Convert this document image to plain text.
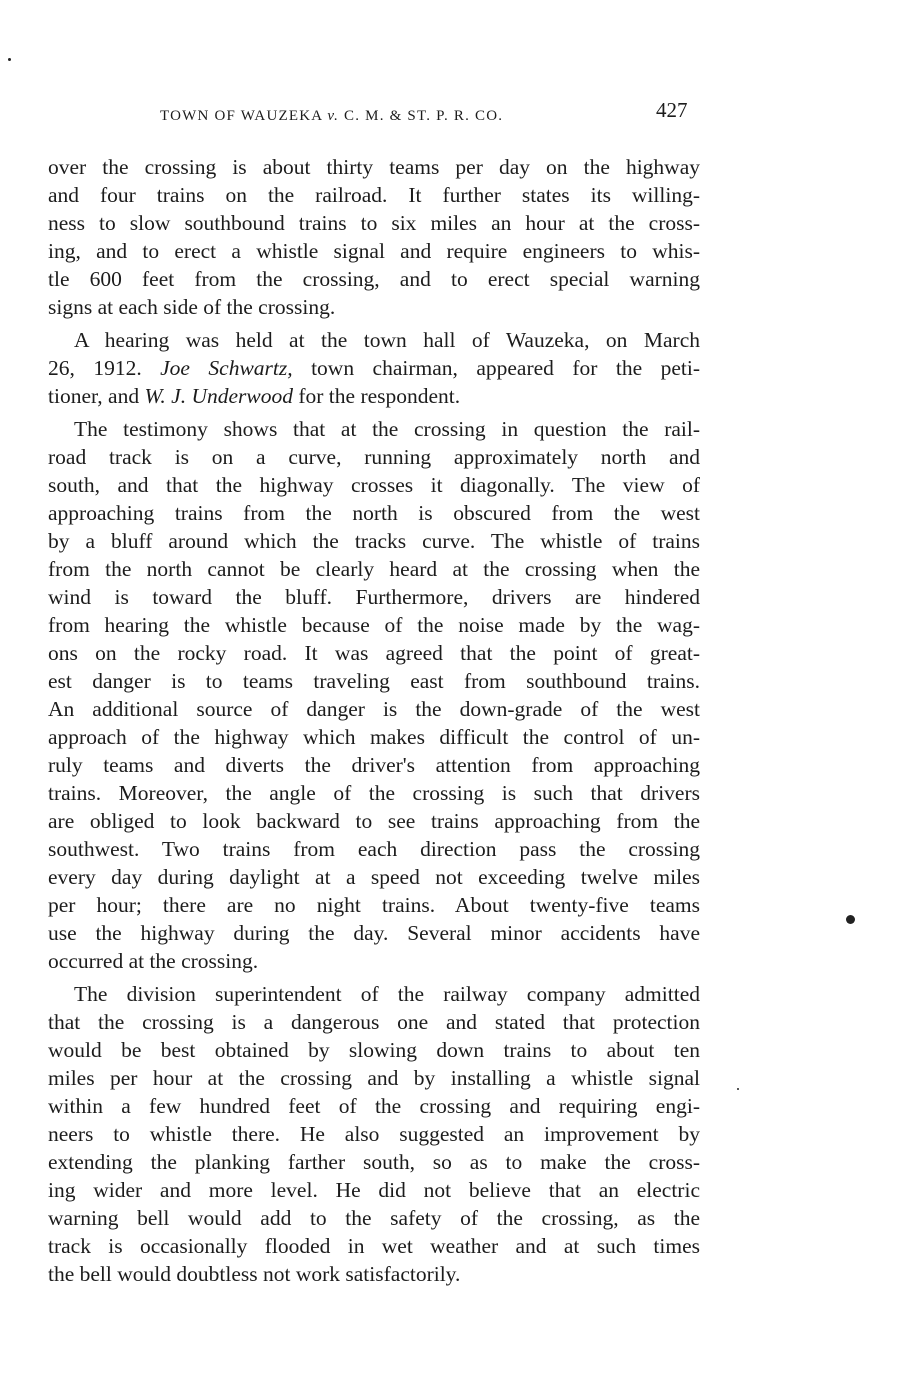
TOWN OF WAUZEKA v. C. M. & ST. P. R. CO.	427
over the crossing is about thirty teams per day on the highway
and four trains on the railroad. It further states its willing-
ness to slow southbound trains to six miles an hour at the cross-
ing, and to erect a whistle signal and require engineers to whis-
tle 600 feet from the crossing, and to erect special warning
signs at each side of the crossing.
A hearing was held at the town hall of Wauzeka, on March
26, 1912. Joe Schwartz, town chairman, appeared for the peti-
tioner, and W. J. Underwood for the respondent.
The testimony shows that at the crossing in question the rail-
road track is on a curve, running approximately north and
south, and that the highway crosses it diagonally. The view of
approaching trains from the north is obscured from the west
by a bluff around which the tracks curve. The whistle of trains
from the north cannot be clearly heard at the crossing when the
wind is toward the bluff. Furthermore, drivers are hindered
from hearing the whistle because of the noise made by the wag-
ons on the rocky road. It was agreed that the point of great-
est danger is to teams traveling east from southbound trains.
An additional source of danger is the down-grade of the west
approach of the highway which makes difficult the control of un-
ruly teams and diverts the driver's attention from approaching
trains. Moreover, the angle of the crossing is such that drivers
are obliged to look backward to see trains approaching from the
southwest. Two trains from each direction pass the crossing
every day during daylight at a speed not exceeding twelve miles
per hour; there are no night trains. About twenty-five teams
use the highway during the day. Several minor accidents have
occurred at the crossing.
The division superintendent of the railway company admitted
that the crossing is a dangerous one and stated that protection
would be best obtained by slowing down trains to about ten
miles per hour at the crossing and by installing a whistle signal
within a few hundred feet of the crossing and requiring engi-
neers to whistle there. He also suggested an improvement by
extending the planking farther south, so as to make the cross-
ing wider and more level. He did not believe that an electric
warning bell would add to the safety of the crossing, as the
track is occasionally flooded in wet weather and at such times
the bell would doubtless not work satisfactorily.
